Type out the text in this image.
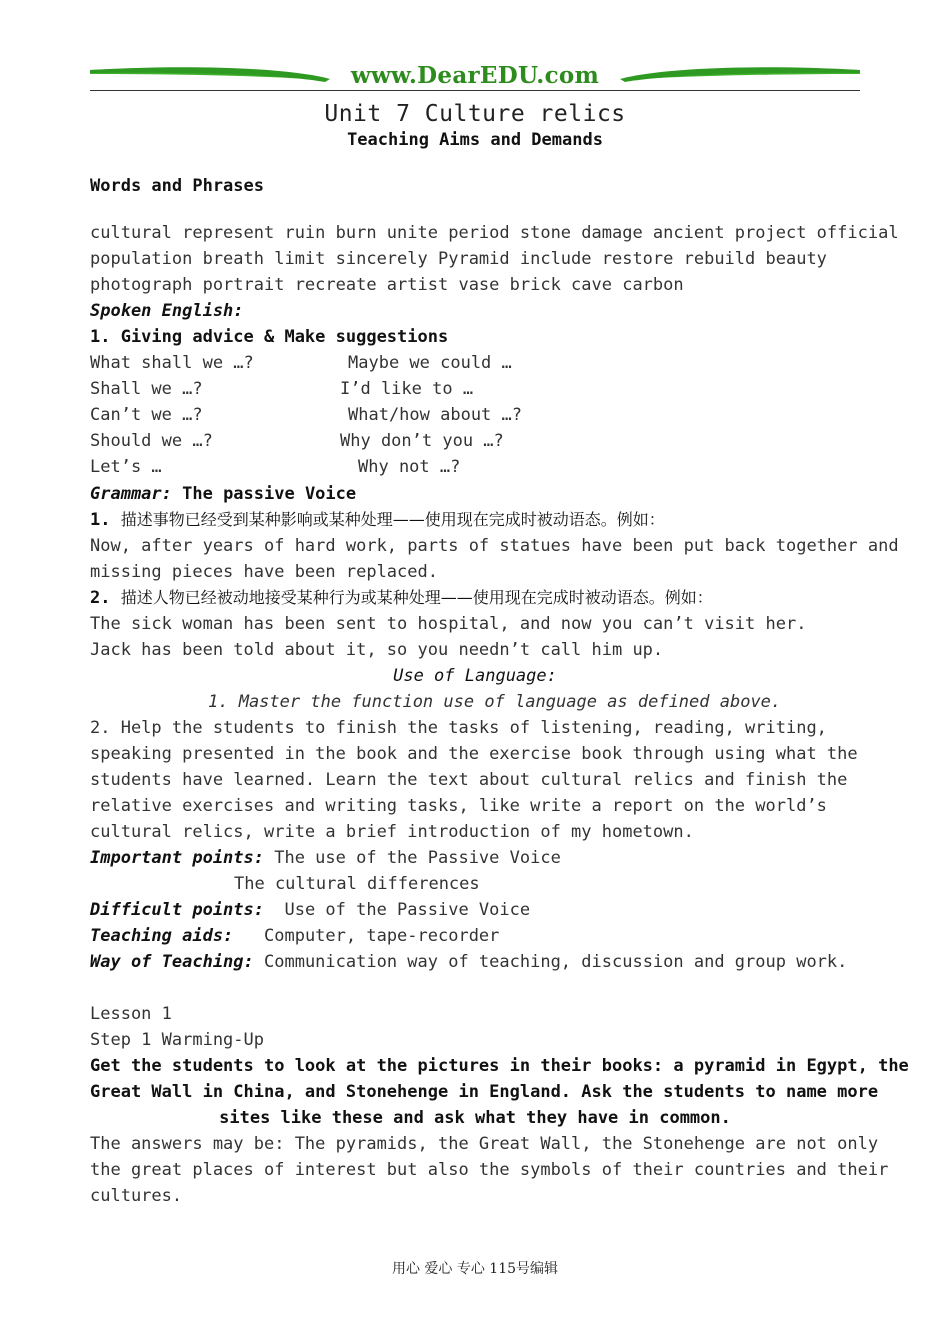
www.DearEDU.com
Unit 7 Culture relics
Teaching Aims and Demands
Words and Phrases
cultural represent ruin burn unite period stone damage ancient project official
population breath limit sincerely Pyramid include restore rebuild beauty
photograph portrait recreate artist vase brick cave carbon
Spoken English:
1. Giving advice & Make suggestions
What shall we …?	Maybe we could …
Shall we …?	I’d like to …
Can’t we …?	What/how about …?
Should we …?	Why don’t you …?
Let’s …	Why not …?
Grammar: The passive Voice
1. 描述事物已经受到某种影响或某种处理——使用现在完成时被动语态。例如：
Now, after years of hard work, parts of statues have been put back together and
missing pieces have been replaced.
2. 描述人物已经被动地接受某种行为或某种处理——使用现在完成时被动语态。例如：
The sick woman has been sent to hospital, and now you can’t visit her.
Jack has been told about it, so you needn’t call him up.
Use of Language:
1. Master the function use of language as defined above.
2. Help the students to finish the tasks of listening, reading, writing,
speaking presented in the book and the exercise book through using what the
students have learned. Learn the text about cultural relics and finish the
relative exercises and writing tasks, like write a report on the world’s
cultural relics, write a brief introduction of my hometown.
Important points: The use of the Passive Voice
The cultural differences
Difficult points:  Use of the Passive Voice
Teaching aids:   Computer, tape-recorder
Way of Teaching: Communication way of teaching, discussion and group work.
Lesson 1
Step 1 Warming-Up
Get the students to look at the pictures in their books: a pyramid in Egypt, the
Great Wall in China, and Stonehenge in England. Ask the students to name more
sites like these and ask what they have in common.
The answers may be: The pyramids, the Great Wall, the Stonehenge are not only
the great places of interest but also the symbols of their countries and their
cultures.
用心 爱心 专心 115号编辑
